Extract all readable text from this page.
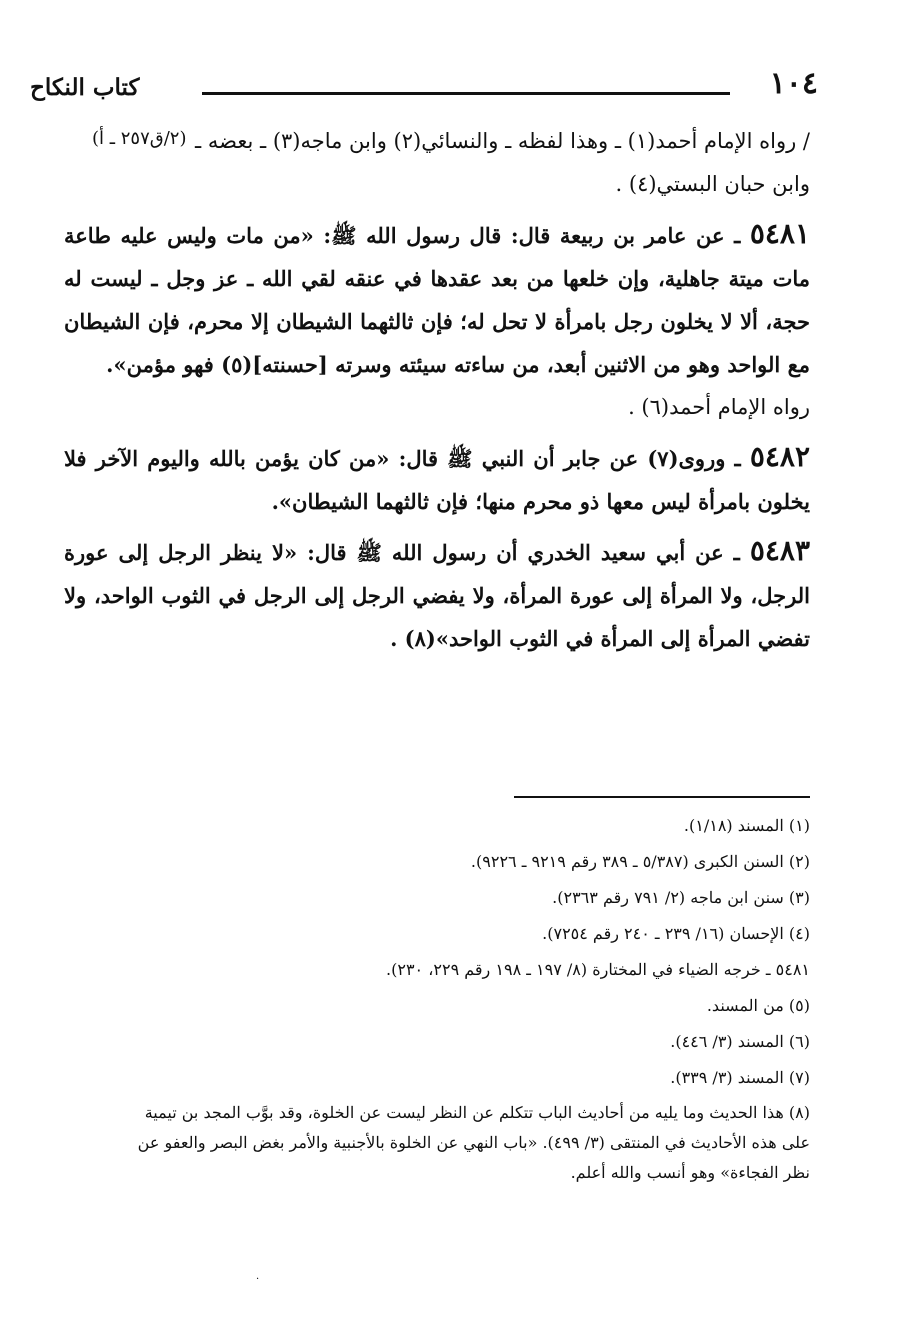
كتاب النكاح	١٠٤
(٢/ق٢٥٧ ـ أ) / رواه الإمام أحمد(١) ـ وهذا لفظه ـ والنسائي(٢) وابن ماجه(٣) ـ بعضه ـ

وابن حبان البستي(٤) .

٥٤٨١ ـ عن عامر بن ربيعة قال: قال رسول الله ﷺ: «من مات وليس عليه طاعة مات ميتة جاهلية، وإن خلعها من بعد عقدها في عنقه لقي الله ـ عز وجل ـ ليست له حجة، ألا لا يخلون رجل بامرأة لا تحل له؛ فإن ثالثهما الشيطان إلا محرم، فإن الشيطان مع الواحد وهو من الاثنين أبعد، من ساءته سيئته وسرته [حسنته](٥) فهو مؤمن».

رواه الإمام أحمد(٦) .

٥٤٨٢ ـ وروى(٧) عن جابر أن النبي ﷺ قال: «من كان يؤمن بالله واليوم الآخر فلا يخلون بامرأة ليس معها ذو محرم منها؛ فإن ثالثهما الشيطان».

٥٤٨٣ ـ عن أبي سعيد الخدري أن رسول الله ﷺ قال: «لا ينظر الرجل إلى عورة الرجل، ولا المرأة إلى عورة المرأة، ولا يفضي الرجل إلى الرجل في الثوب الواحد، ولا تفضي المرأة إلى المرأة في الثوب الواحد»(٨) .

(١) المسند (١/١٨).

(٢) السنن الكبرى (٥/٣٨٧ ـ ٣٨٩ رقم ٩٢١٩ ـ ٩٢٢٦).

(٣) سنن ابن ماجه (٢/ ٧٩١ رقم ٢٣٦٣).

(٤) الإحسان (١٦/ ٢٣٩ ـ ٢٤٠ رقم ٧٢٥٤).

٥٤٨١ ـ خرجه الضياء في المختارة (٨/ ١٩٧ ـ ١٩٨ رقم ٢٢٩، ٢٣٠).

(٥) من المسند.

(٦) المسند (٣/ ٤٤٦).

(٧) المسند (٣/ ٣٣٩).

(٨) هذا الحديث وما يليه من أحاديث الباب تتكلم عن النظر ليست عن الخلوة، وقد بوَّب المجد بن تيمية على هذه الأحاديث في المنتقى (٣/ ٤٩٩). «باب النهي عن الخلوة بالأجنبية والأمر بغض البصر والعفو عن نظر الفجاءة» وهو أنسب والله أعلم.

·
